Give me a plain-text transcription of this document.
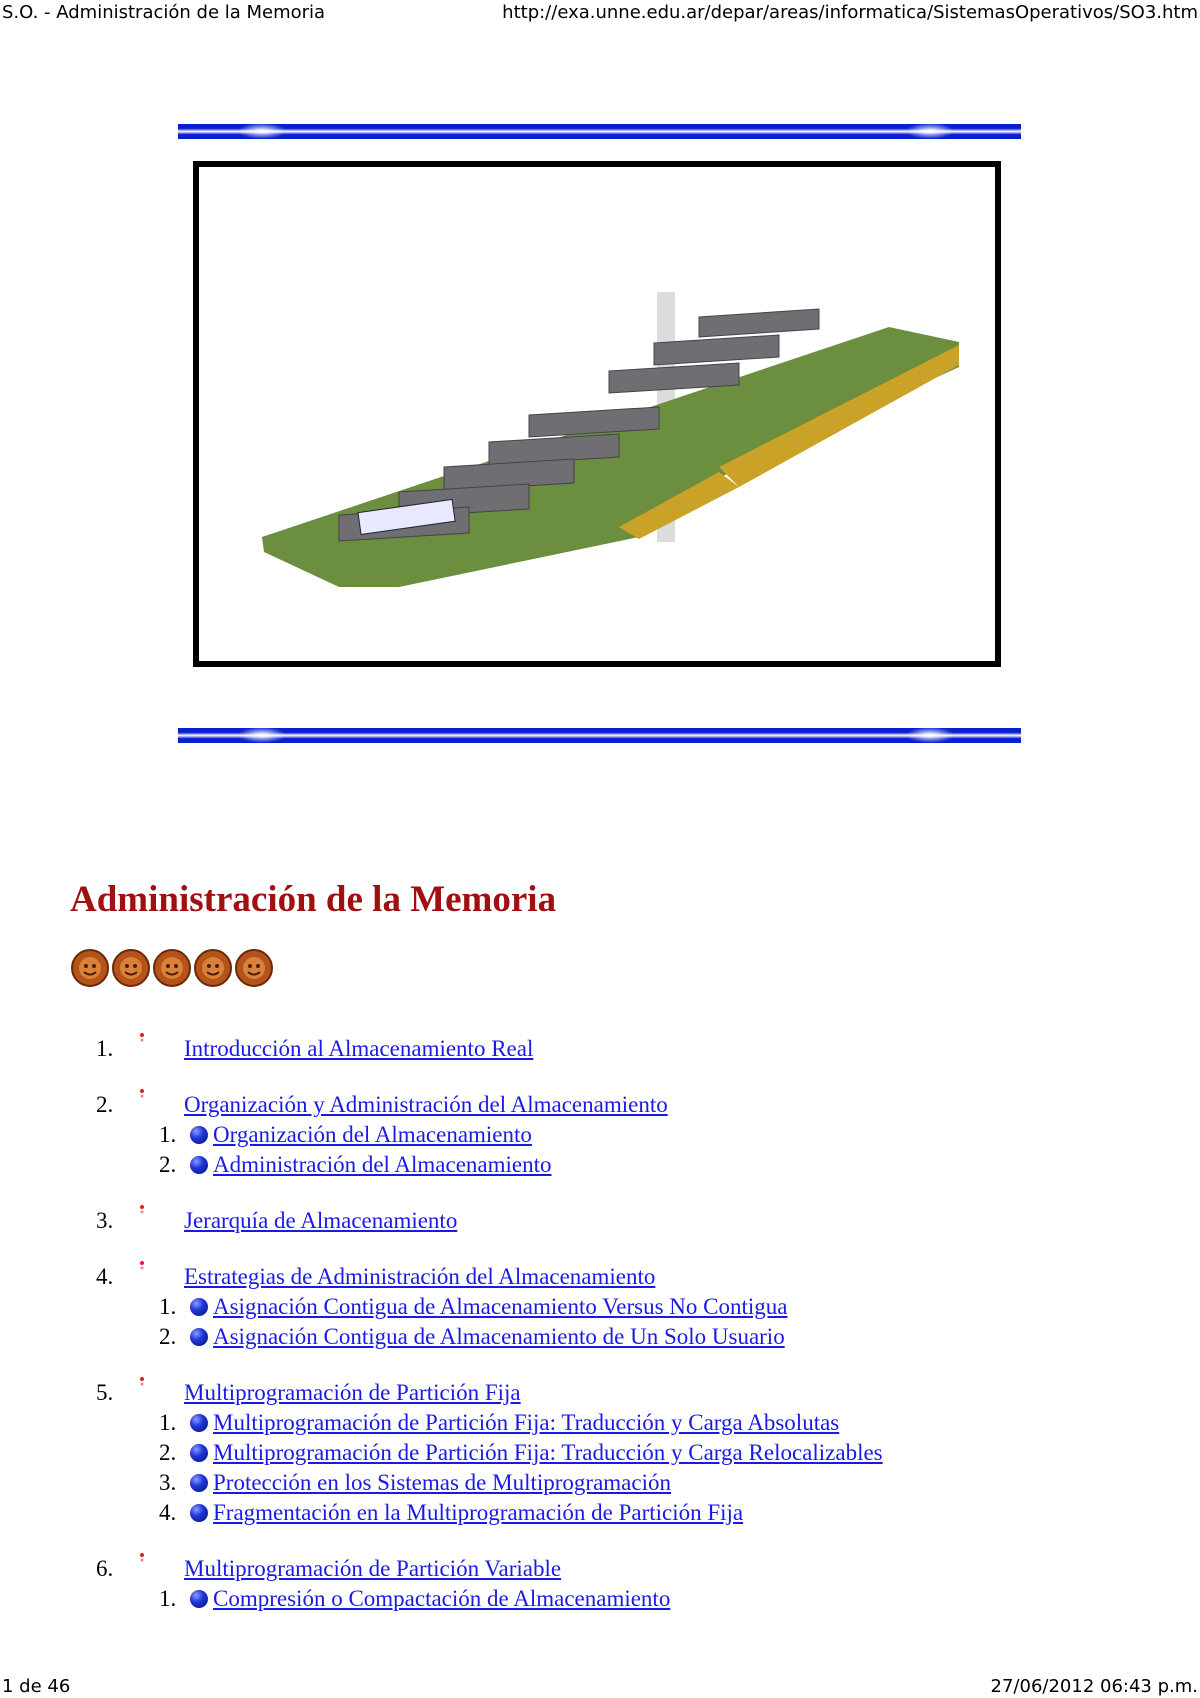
S.O. - Administración de la Memoria	http://exa.unne.edu.ar/depar/areas/informatica/SistemasOperativos/SO3.htm
Administración de la Memoria
1.	Introducción al Almacenamiento Real
2.	Organización y Administración del Almacenamiento
1. Organización del Almacenamiento
2. Administración del Almacenamiento
3.	Jerarquía de Almacenamiento
4.	Estrategias de Administración del Almacenamiento
1. Asignación Contigua de Almacenamiento Versus No Contigua
2. Asignación Contigua de Almacenamiento de Un Solo Usuario
5.	Multiprogramación de Partición Fija
1. Multiprogramación de Partición Fija: Traducción y Carga Absolutas
2. Multiprogramación de Partición Fija: Traducción y Carga Relocalizables
3. Protección en los Sistemas de Multiprogramación
4. Fragmentación en la Multiprogramación de Partición Fija
6.	Multiprogramación de Partición Variable
1. Compresión o Compactación de Almacenamiento
1 de 46	27/06/2012 06:43 p.m.
